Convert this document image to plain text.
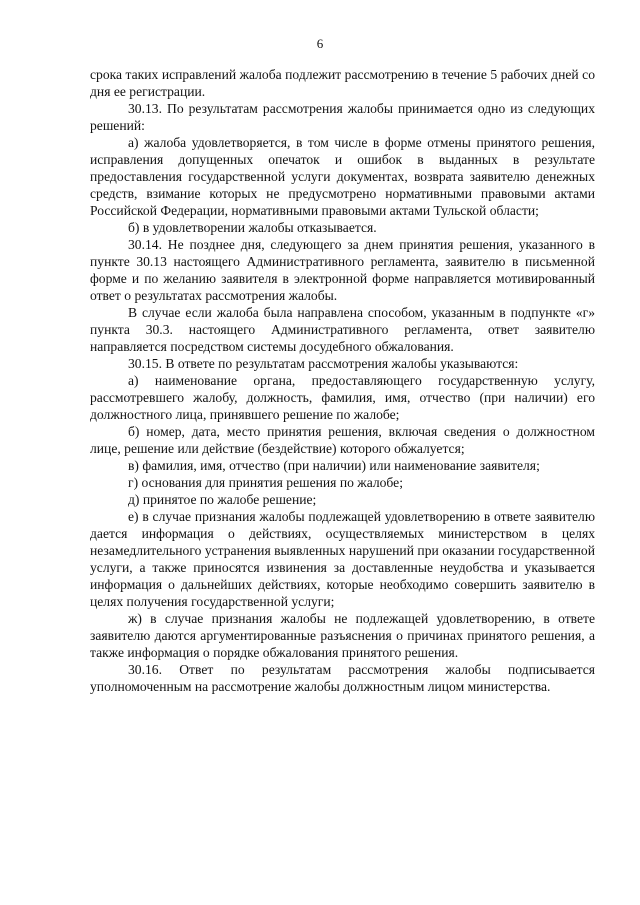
6

срока таких исправлений жалоба подлежит рассмотрению в течение 5 рабочих дней со дня ее регистрации.

30.13. По результатам рассмотрения жалобы принимается одно из следующих решений:

а) жалоба удовлетворяется, в том числе в форме отмены принятого решения, исправления допущенных опечаток и ошибок в выданных в результате предоставления государственной услуги документах, возврата заявителю денежных средств, взимание которых не предусмотрено нормативными правовыми актами Российской Федерации, нормативными правовыми актами Тульской области;

б) в удовлетворении жалобы отказывается.

30.14. Не позднее дня, следующего за днем принятия решения, указанного в пункте 30.13 настоящего Административного регламента, заявителю в письменной форме и по желанию заявителя в электронной форме направляется мотивированный ответ о результатах рассмотрения жалобы.

В случае если жалоба была направлена способом, указанным в подпункте «г» пункта 30.3. настоящего Административного регламента, ответ заявителю направляется посредством системы досудебного обжалования.

30.15. В ответе по результатам рассмотрения жалобы указываются:

а) наименование органа, предоставляющего государственную услугу, рассмотревшего жалобу, должность, фамилия, имя, отчество (при наличии) его должностного лица, принявшего решение по жалобе;

б) номер, дата, место принятия решения, включая сведения о должностном лице, решение или действие (бездействие) которого обжалуется;

в) фамилия, имя, отчество (при наличии) или наименование заявителя;

г) основания для принятия решения по жалобе;

д) принятое по жалобе решение;

е) в случае признания жалобы подлежащей удовлетворению в ответе заявителю дается информация о действиях, осуществляемых министерством в целях незамедлительного устранения выявленных нарушений при оказании государственной услуги, а также приносятся извинения за доставленные неудобства и указывается информация о дальнейших действиях, которые необходимо совершить заявителю в целях получения государственной услуги;

ж) в случае признания жалобы не подлежащей удовлетворению, в ответе заявителю даются аргументированные разъяснения о причинах принятого решения, а также информация о порядке обжалования принятого решения.

30.16. Ответ по результатам рассмотрения жалобы подписывается уполномоченным на рассмотрение жалобы должностным лицом министерства.
